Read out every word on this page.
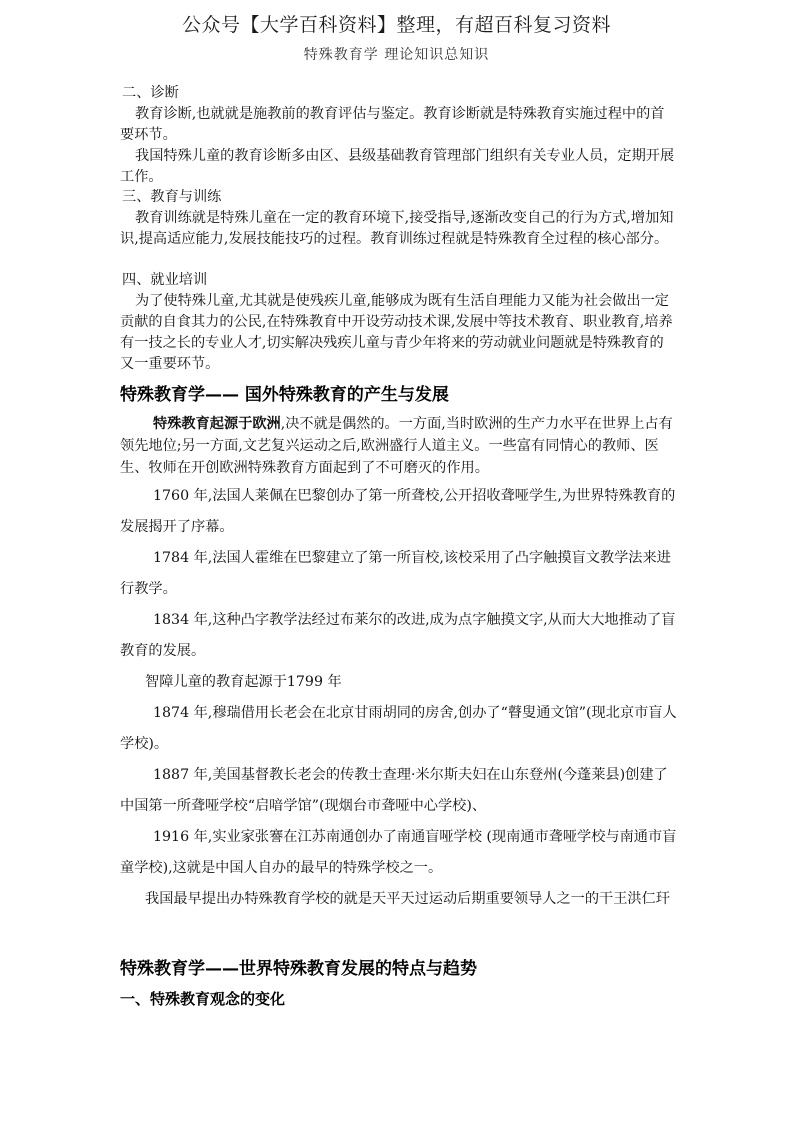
公众号【大学百科资料】整理，有超百科复习资料
特殊教育学 理论知识总知识
二、诊断

教育诊断,也就就是施教前的教育评估与鉴定。教育诊断就是特殊教育实施过程中的首要环节。

我国特殊儿童的教育诊断多由区、县级基础教育管理部门组织有关专业人员，定期开展工作。

三、教育与训练

教育训练就是特殊儿童在一定的教育环境下,接受指导,逐渐改变自己的行为方式,增加知识,提高适应能力,发展技能技巧的过程。教育训练过程就是特殊教育全过程的核心部分。

四、就业培训

为了使特殊儿童,尤其就是使残疾儿童,能够成为既有生活自理能力又能为社会做出一定贡献的自食其力的公民,在特殊教育中开设劳动技术课,发展中等技术教育、职业教育,培养有一技之长的专业人才,切实解决残疾儿童与青少年将来的劳动就业问题就是特殊教育的又一重要环节。

特殊教育学—— 国外特殊教育的产生与发展

特殊教育起源于欧洲,决不就是偶然的。一方面,当时欧洲的生产力水平在世界上占有领先地位;另一方面,文艺复兴运动之后,欧洲盛行人道主义。一些富有同情心的教师、医生、牧师在开创欧洲特殊教育方面起到了不可磨灭的作用。

1760 年,法国人莱佩在巴黎创办了第一所聋校,公开招收聋哑学生,为世界特殊教育的发展揭开了序幕。

1784 年,法国人霍维在巴黎建立了第一所盲校,该校采用了凸字触摸盲文教学法来进行教学。

1834 年,这种凸字教学法经过布莱尔的改进,成为点字触摸文字,从而大大地推动了盲教育的发展。

智障儿童的教育起源于1799 年

1874 年,穆瑞借用长老会在北京甘雨胡同的房舍,创办了“瞽叟通文馆”(现北京市盲人学校)。

1887 年,美国基督教长老会的传教士查理·米尔斯夫妇在山东登州(今蓬莱县)创建了中国第一所聋哑学校“启喑学馆”(现烟台市聋哑中心学校)、

1916 年,实业家张謇在江苏南通创办了南通盲哑学校 (现南通市聋哑学校与南通市盲童学校),这就是中国人自办的最早的特殊学校之一。

我国最早提出办特殊教育学校的就是天平天过运动后期重要领导人之一的干王洪仁玕

特殊教育学——世界特殊教育发展的特点与趋势
一、特殊教育观念的变化
